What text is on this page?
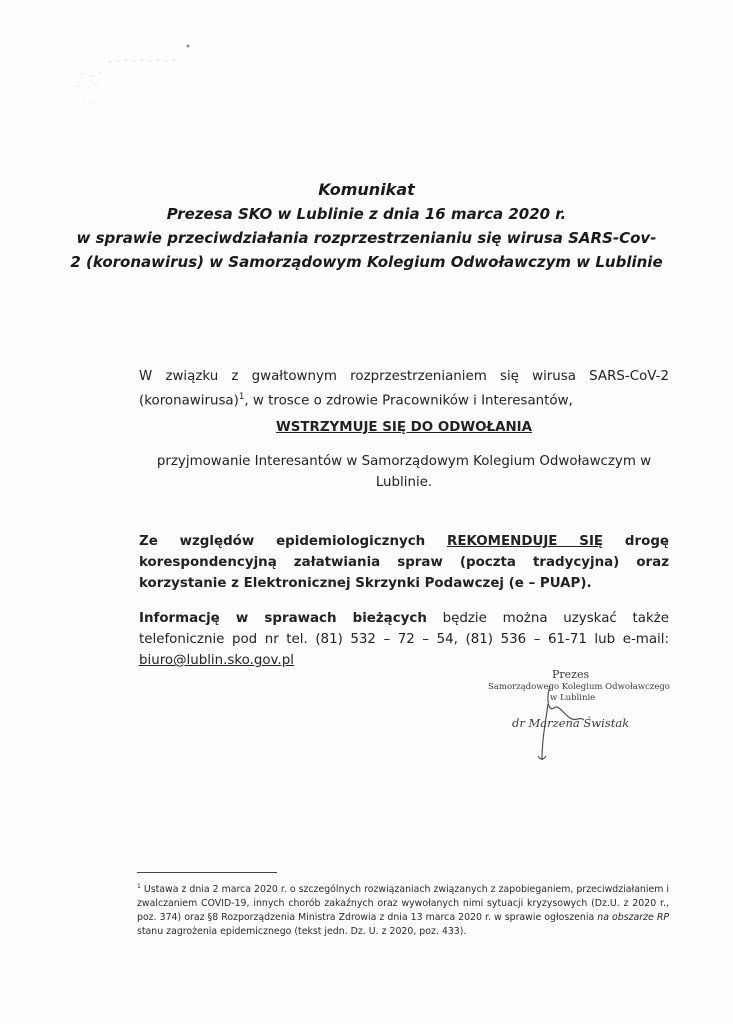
Komunikat
Prezesa SKO w Lublinie z dnia 16 marca 2020 r.
w sprawie przeciwdziałania rozprzestrzenianiu się wirusa SARS-Cov-
2 (koronawirus) w Samorządowym Kolegium Odwoławczym w Lublinie
W związku z gwałtownym rozprzestrzenianiem się wirusa SARS-CoV-2 (koronawirusa)$^1$, w trosce o zdrowie Pracowników i Interesantów,
WSTRZYMUJE SIĘ DO ODWOŁANIA
przyjmowanie Interesantów w Samorządowym Kolegium Odwoławczym w Lublinie.
Ze względów epidemiologicznych REKOMENDUJE SIĘ drogę korespondencyjną załatwiania spraw (poczta tradycyjna) oraz korzystanie z Elektronicznej Skrzynki Podawczej (e – PUAP).
Informację w sprawach bieżących będzie można uzyskać także telefonicznie pod nr tel. (81) 532 – 72 – 54, (81) 536 – 61-71 lub e-mail: biuro@lublin.sko.gov.pl
Prezes
Samorządowego Kolegium Odwoławczego
w Lublinie
dr Marzena Świstak
$^1$ Ustawa z dnia 2 marca 2020 r. o szczególnych rozwiązaniach związanych z zapobieganiem, przeciwdziałaniem i zwalczaniem COVID-19, innych chorób zakaźnych oraz wywołanych nimi sytuacji kryzysowych (Dz.U. z 2020 r., poz. 374) oraz §8 Rozporządzenia Ministra Zdrowia z dnia 13 marca 2020 r. w sprawie ogłoszenia na obszarze RP stanu zagrożenia epidemicznego (tekst jedn. Dz. U. z 2020, poz. 433).
